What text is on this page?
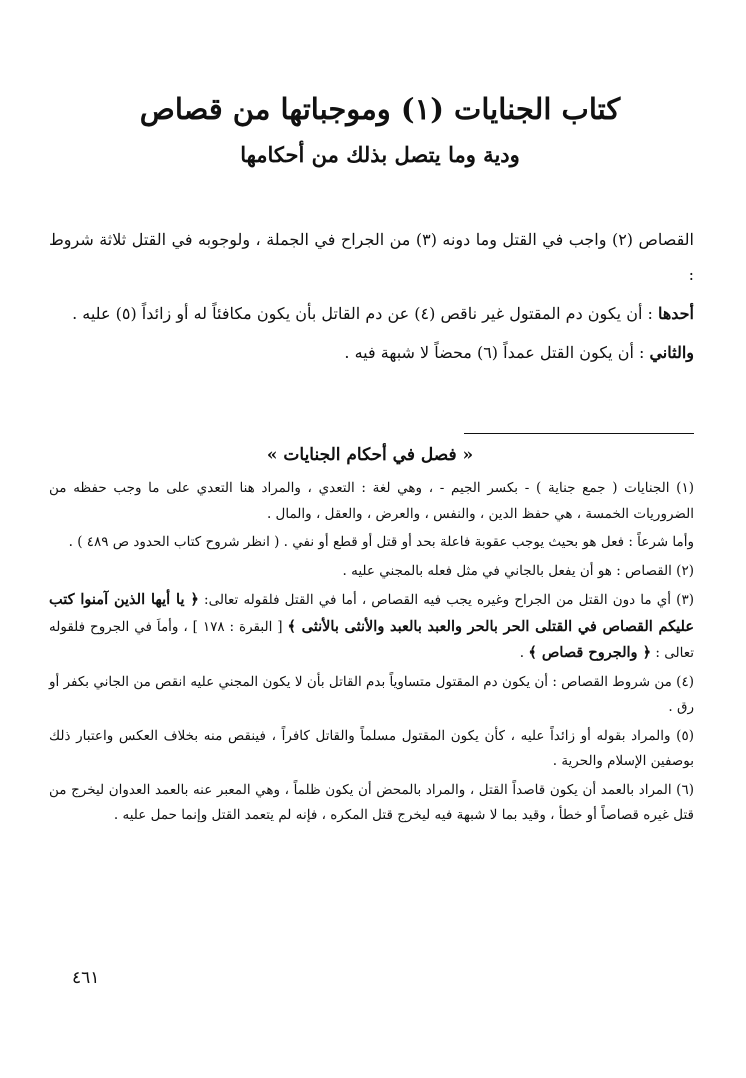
كتاب الجنايات (١) وموجباتها من قصاص
ودية وما يتصل بذلك من أحكامها

القصاص (٢) واجب في القتل وما دونه (٣) من الجراح في الجملة ، ولوجوبه في القتل ثلاثة شروط :

أحدها : أن يكون دم المقتول غير ناقص (٤) عن دم القاتل بأن يكون مكافئاً له أو زائداً (٥) عليه .

والثاني : أن يكون القتل عمداً (٦) محضاً لا شبهة فيه .

« فصل في أحكام الجنايات »

(١) الجنايات ( جمع جناية ) - بكسر الجيم - ، وهي لغة : التعدي ، والمراد هنا التعدي على ما وجب حفظه من الضروريات الخمسة ، هي حفظ الدين ، والنفس ، والعرض ، والعقل ، والمال .

وأما شرعاً : فعل هو بحيث يوجب عقوبة فاعلة بحد أو قتل أو قطع أو نفي . ( انظر شروح كتاب الحدود ص ٤٨٩ ) .

(٢) القصاص : هو أن يفعل بالجاني في مثل فعله بالمجني عليه .

(٣) أي ما دون القتل من الجراح وغيره يجب فيه القصاص ، أما في القتل فلقوله تعالى: ﴿ يا أيها الذين آمنوا كتب عليكم القصاص في القتلى الحر بالحر والعبد بالعبد والأنثى بالأنثى ﴾ [ البقرة : ١٧٨ ] ، وأماَ في الجروح فلقوله تعالى : ﴿ والجروح قصاص ﴾ .

(٤) من شروط القصاص : أن يكون دم المقتول متساوياً بدم القاتل بأن لا يكون المجني عليه انقص من الجاني بكفر أو رق .

(٥) والمراد بقوله أو زائداً عليه ، كأن يكون المقتول مسلماً والقاتل كافراً ، فينقص منه بخلاف العكس واعتبار ذلك بوصفين الإسلام والحرية .

(٦) المراد بالعمد أن يكون قاصداً القتل ، والمراد بالمحض أن يكون ظلماً ، وهي المعبر عنه بالعمد العدوان ليخرج من قتل غيره قصاصاً أو خطأ ، وقيد بما لا شبهة فيه ليخرج قتل المكره ، فإنه لم يتعمد القتل وإنما حمل عليه .

٤٦١
